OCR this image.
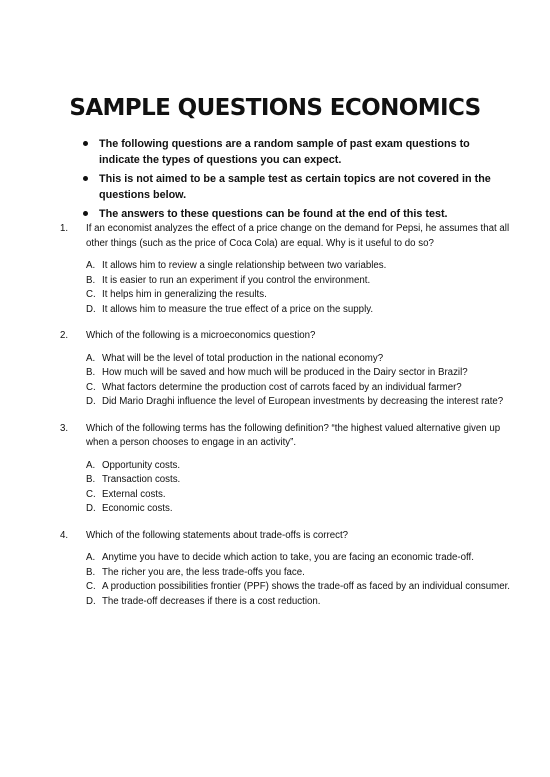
SAMPLE QUESTIONS ECONOMICS
The following questions are a random sample of past exam questions to indicate the types of questions you can expect.
This is not aimed to be a sample test as certain topics are not covered in the questions below.
The answers to these questions can be found at the end of this test.
1.	If an economist analyzes the effect of a price change on the demand for Pepsi, he assumes that all other things (such as the price of Coca Cola) are equal. Why is it useful to do so?
A. It allows him to review a single relationship between two variables.
B. It is easier to run an experiment if you control the environment.
C. It helps him in generalizing the results.
D. It allows him to measure the true effect of a price on the supply.
2.	Which of the following is a microeconomics question?
A. What will be the level of total production in the national economy?
B. How much will be saved and how much will be produced in the Dairy sector in Brazil?
C. What factors determine the production cost of carrots faced by an individual farmer?
D. Did Mario Draghi influence the level of European investments by decreasing the interest rate?
3.	Which of the following terms has the following definition? “the highest valued alternative given up when a person chooses to engage in an activity”.
A. Opportunity costs.
B. Transaction costs.
C. External costs.
D. Economic costs.
4.	Which of the following statements about trade-offs is correct?
A. Anytime you have to decide which action to take, you are facing an economic trade-off.
B. The richer you are, the less trade-offs you face.
C. A production possibilities frontier (PPF) shows the trade-off as faced by an individual consumer.
D. The trade-off decreases if there is a cost reduction.
